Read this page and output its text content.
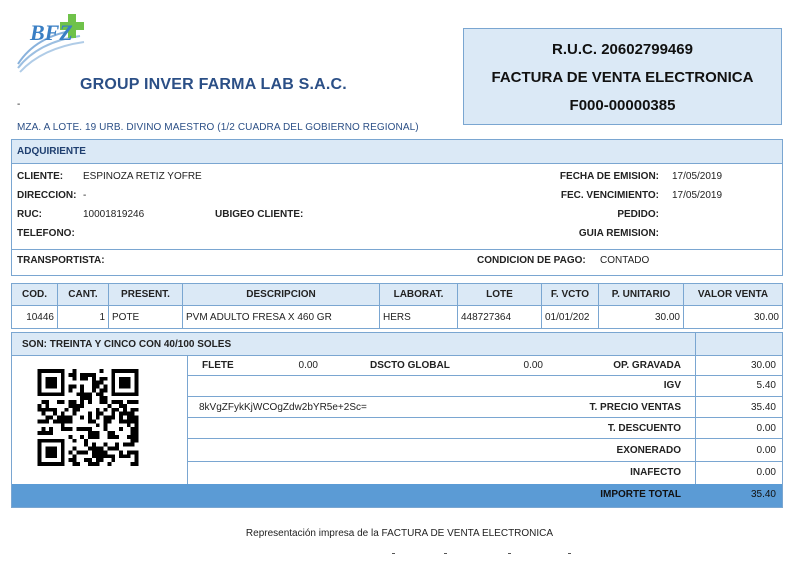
BFZ
GROUP INVER FARMA LAB S.A.C.
-
MZA. A LOTE. 19 URB. DIVINO MAESTRO (1/2 CUADRA DEL GOBIERNO REGIONAL)
R.U.C. 20602799469
FACTURA DE VENTA ELECTRONICA
F000-00000385
ADQUIRIENTE
CLIENTE: ESPINOZA RETIZ YOFRE
DIRECCION: -
RUC:	10001819246	UBIGEO CLIENTE:
TELEFONO:
FECHA DE EMISION: 17/05/2019
FEC. VENCIMIENTO: 17/05/2019
PEDIDO:
GUIA REMISION:
TRANSPORTISTA:	CONDICION DE PAGO: CONTADO
COD.	CANT.	PRESENT.	DESCRIPCION	LABORAT.	LOTE	F. VCTO	P. UNITARIO	VALOR VENTA
10446	1	POTE	PVM ADULTO FRESA X 460 GR	HERS	448727364	01/01/202	30.00	30.00
SON: TREINTA Y CINCO CON 40/100 SOLES
FLETE	0.00	DSCTO GLOBAL	0.00	OP. GRAVADA	30.00
IGV	5.40
8kVgZFykKjWCOgZdw2bYR5e+2Sc=	T. PRECIO VENTAS	35.40
T. DESCUENTO	0.00
EXONERADO	0.00
INAFECTO	0.00
IMPORTE TOTAL	35.40
Representación impresa de la FACTURA DE VENTA ELECTRONICA
